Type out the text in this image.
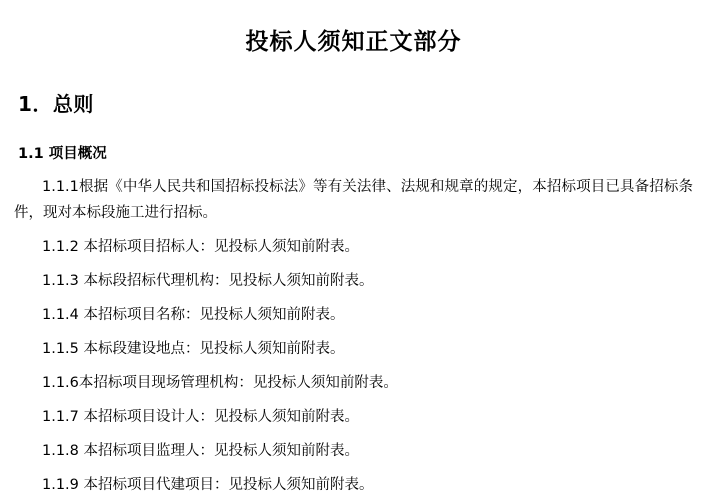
投标人须知正文部分
1．总则
1.1 项目概况

1.1.1根据《中华人民共和国招标投标法》等有关法律、法规和规章的规定，本招标项目已具备招标条件，现对本标段施工进行招标。

1.1.2 本招标项目招标人：见投标人须知前附表。

1.1.3 本标段招标代理机构：见投标人须知前附表。

1.1.4 本招标项目名称：见投标人须知前附表。

1.1.5 本标段建设地点：见投标人须知前附表。

1.1.6本招标项目现场管理机构：见投标人须知前附表。

1.1.7 本招标项目设计人：见投标人须知前附表。

1.1.8 本招标项目监理人：见投标人须知前附表。

1.1.9 本招标项目代建项目：见投标人须知前附表。
